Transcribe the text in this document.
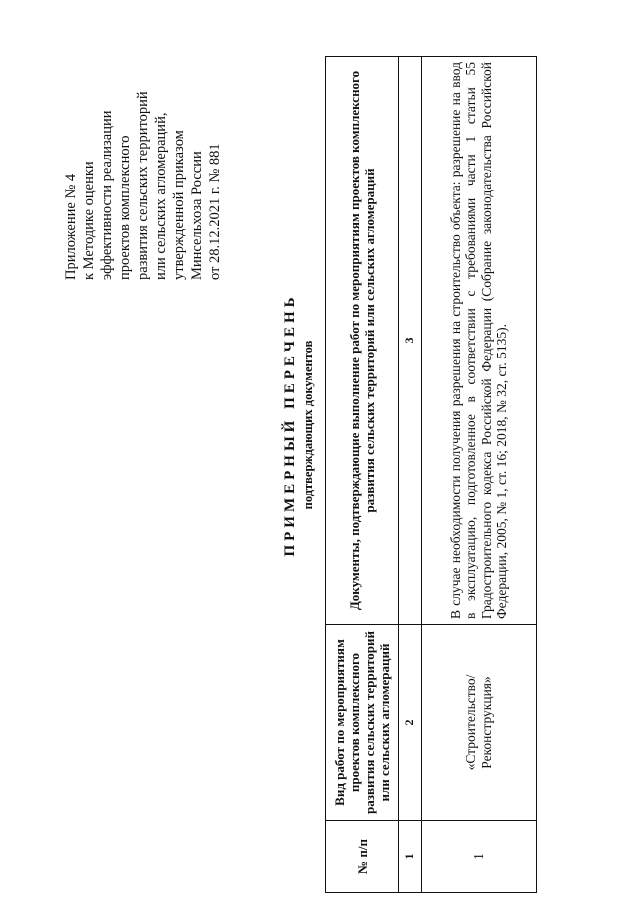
Приложение № 4 к Методике оценки эффективности реализации проектов комплексного развития сельских территорий или сельских агломераций, утвержденной приказом Минсельхоза России от 28.12.2021 г. № 881
ПРИМЕРНЫЙ ПЕРЕЧЕНЬ подтверждающих документов
№ п/п	Вид работ по мероприятиям проектов комплексного развития сельских территорий или сельских агломераций	Документы, подтверждающие выполнение работ по мероприятиям проектов комплексного развития сельских территорий или сельских агломераций
1	2	3
1	«Строительство/Реконструкция»	В случае необходимости получения разрешения на строительство объекта: разрешение на ввод в эксплуатацию, подготовленное в соответствии с требованиями части 1 статьи 55 Градостроительного кодекса Российской Федерации (Собрание законодательства Российской Федерации, 2005, № 1, ст. 16; 2018, № 32, ст. 5135).
